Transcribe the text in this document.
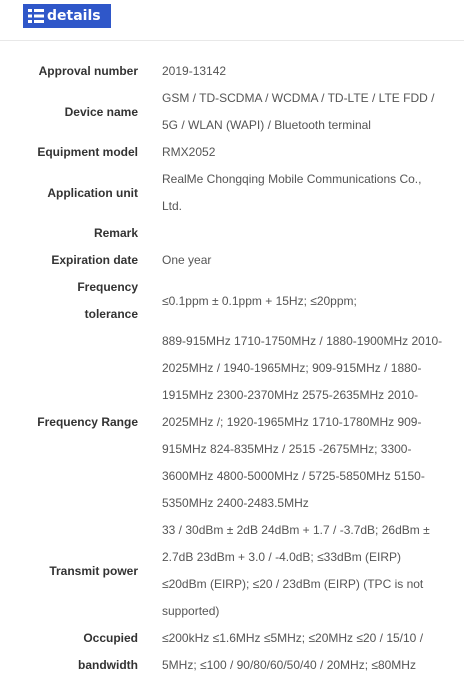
details
Approval number 2019-13142
Device name
GSM / TD-SCDMA / WCDMA / TD-LTE / LTE FDD / 5G / WLAN (WAPI) / Bluetooth terminal
Equipment model RMX2052
Application unit
RealMe Chongqing Mobile Communications Co., Ltd.
Remark
Expiration date One year
Frequency tolerance
≤0.1ppm ± 0.1ppm + 15Hz; ≤20ppm;
Frequency Range
889-915MHz 1710-1750MHz / 1880-1900MHz 2010-2025MHz / 1940-1965MHz; 909-915MHz / 1880-1915MHz 2300-2370MHz 2575-2635MHz 2010-2025MHz /; 1920-1965MHz 1710-1780MHz 909-915MHz 824-835MHz / 2515 -2675MHz; 3300-3600MHz 4800-5000MHz / 5725-5850MHz 5150-5350MHz 2400-2483.5MHz
Transmit power
33 / 30dBm ± 2dB 24dBm + 1.7 / -3.7dB; 26dBm ± 2.7dB 23dBm + 3.0 / -4.0dB; ≤33dBm (EIRP) ≤20dBm (EIRP); ≤20 / 23dBm (EIRP) (TPC is not supported)
Occupied bandwidth
≤200kHz ≤1.6MHz ≤5MHz; ≤20MHz ≤20 / 15/10 / 5MHz; ≤100 / 90/80/60/50/40 / 20MHz; ≤80MHz
